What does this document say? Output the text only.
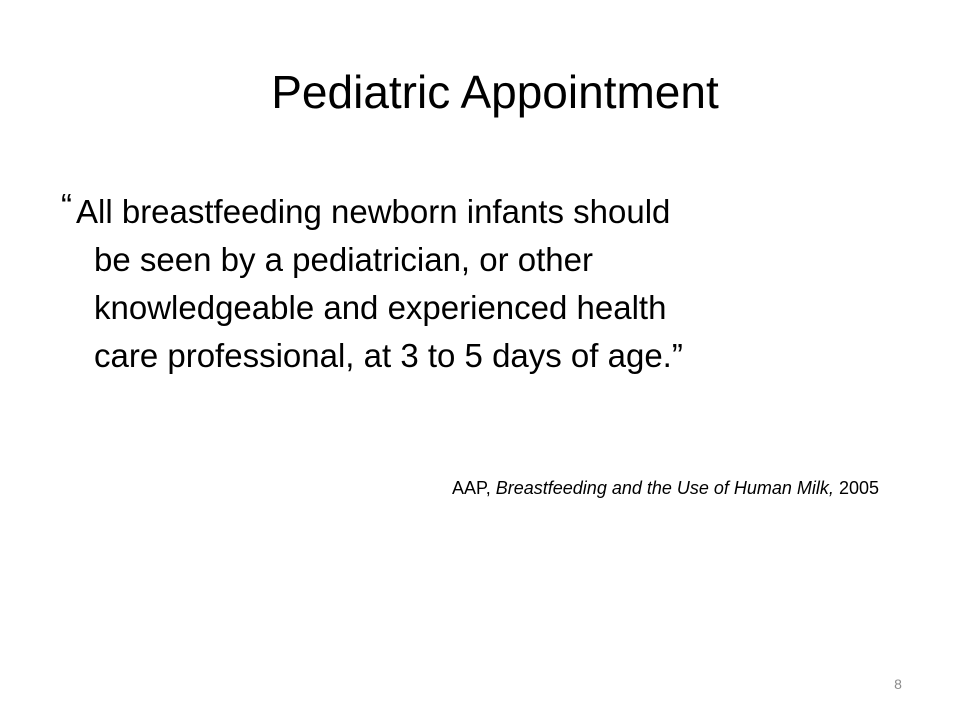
Pediatric Appointment
“ All breastfeeding newborn infants should
be seen by a pediatrician, or other
knowledgeable and experienced health
care professional, at 3 to 5 days of age.”
AAP, Breastfeeding and the Use of Human Milk, 2005
8
